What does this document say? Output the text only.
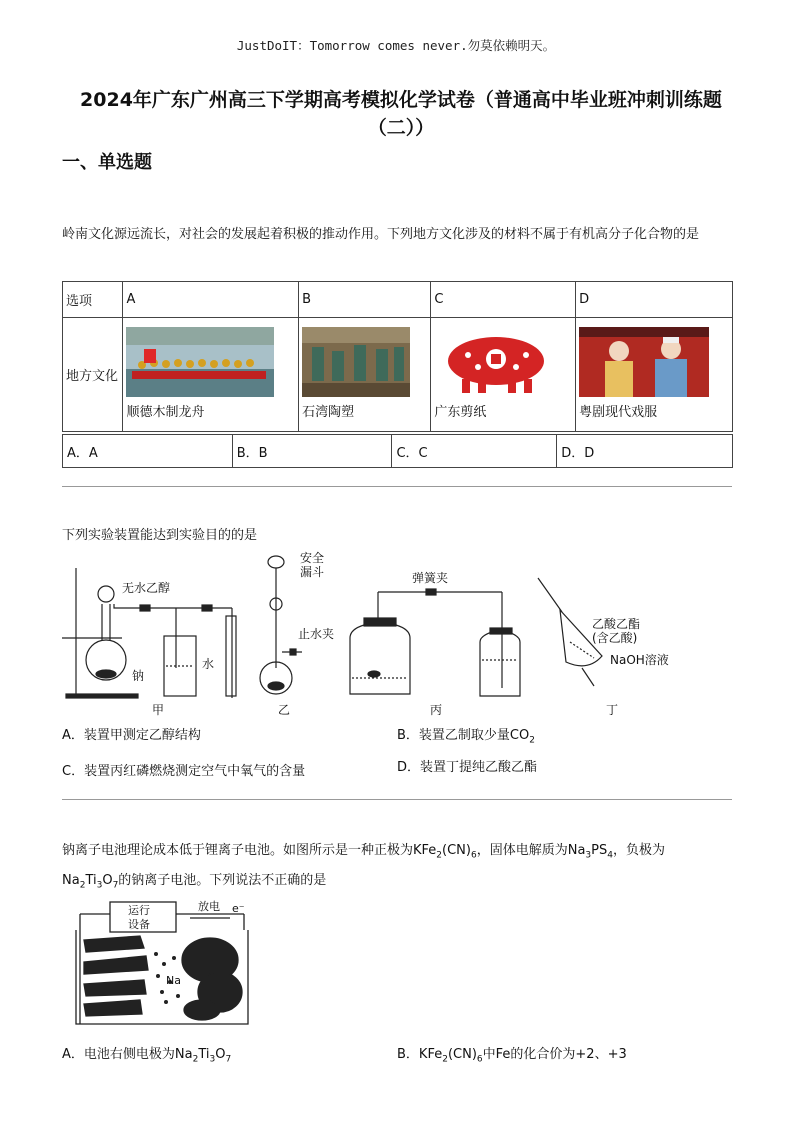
JustDoIT：Tomorrow comes never.勿莫依赖明天。
2024年广东广州高三下学期高考模拟化学试卷（普通高中毕业班冲刺训练题（二））
一、单选题
岭南文化源远流长，对社会的发展起着积极的推动作用。下列地方文化涉及的材料不属于有机高分子化合物的是
选项	A	B	C	D
地方文化	顺德木制龙舟	石湾陶塑	广东剪纸	粤剧现代戏服
A．A	B．B	C．C	D．D
下列实验装置能达到实验目的的是
无水乙醇
钠
水
甲
安全
漏斗
止水夹
乙
弹簧夹
丙
乙酸乙酯
(含乙酸)
NaOH溶液
丁
A．装置甲测定乙醇结构	B．装置乙制取少量$CO_2$
C．装置丙红磷燃烧测定空气中氧气的含量	D．装置丁提纯乙酸乙酯
钠离子电池理论成本低于锂离子电池。如图所示是一种正极为$KFe_2(CN)_6$，固体电解质为$Na_3PS_4$，负极为
$Na_2Ti_3O_7$的钠离子电池。下列说法不正确的是
运行
设备
放电 e⁻
Na
A．电池右侧电极为$Na_2Ti_3O_7$	B．$KFe_2(CN)_6$中Fe的化合价为+2、+3
